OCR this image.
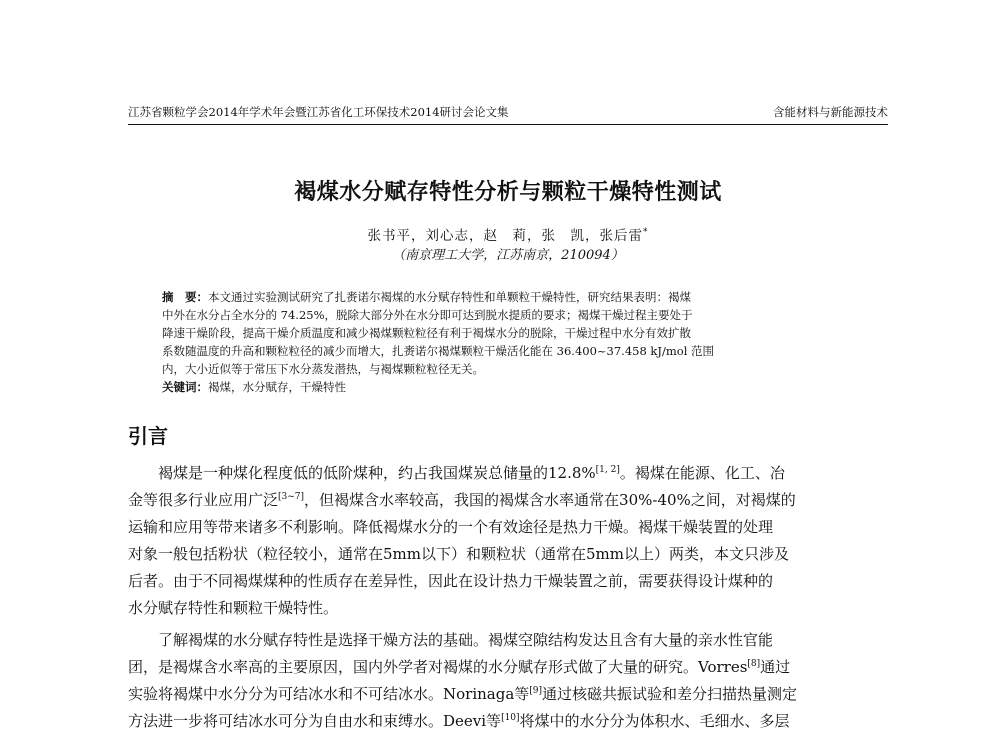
江苏省颗粒学会2014年学术年会暨江苏省化工环保技术2014研讨会论文集	含能材料与新能源技术
褐煤水分赋存特性分析与颗粒干燥特性测试
张书平，刘心志，赵　莉，张　凯，张后雷*
（南京理工大学，江苏南京，210094）

摘　要：本文通过实验测试研究了扎赉诺尔褐煤的水分赋存特性和单颗粒干燥特性，研究结果表明：褐煤

中外在水分占全水分的 74.25%，脱除大部分外在水分即可达到脱水提质的要求；褐煤干燥过程主要处于

降速干燥阶段，提高干燥介质温度和减少褐煤颗粒粒径有利于褐煤水分的脱除，干燥过程中水分有效扩散

系数随温度的升高和颗粒粒径的减少而增大，扎赉诺尔褐煤颗粒干燥活化能在 36.400~37.458 kJ/mol 范围

内，大小近似等于常压下水分蒸发潜热，与褐煤颗粒粒径无关。

关键词：褐煤，水分赋存，干燥特性

引言
　　褐煤是一种煤化程度低的低阶煤种，约占我国煤炭总储量的12.8%[1, 2]。褐煤在能源、化工、冶
金等很多行业应用广泛[3~7]，但褐煤含水率较高，我国的褐煤含水率通常在30%-40%之间，对褐煤的
运输和应用等带来诸多不利影响。降低褐煤水分的一个有效途径是热力干燥。褐煤干燥装置的处理
对象一般包括粉状（粒径较小，通常在5mm以下）和颗粒状（通常在5mm以上）两类，本文只涉及
后者。由于不同褐煤煤种的性质存在差异性，因此在设计热力干燥装置之前，需要获得设计煤种的
水分赋存特性和颗粒干燥特性。
　　了解褐煤的水分赋存特性是选择干燥方法的基础。褐煤空隙结构发达且含有大量的亲水性官能
团，是褐煤含水率高的主要原因，国内外学者对褐煤的水分赋存形式做了大量的研究。Vorres[8]通过
实验将褐煤中水分分为可结冰水和不可结冰水。Norinaga等[9]通过核磁共振试验和差分扫描热量测定
方法进一步将可结冰水可分为自由水和束缚水。Deevi等[10]将煤中的水分分为体积水、毛细水、多层
